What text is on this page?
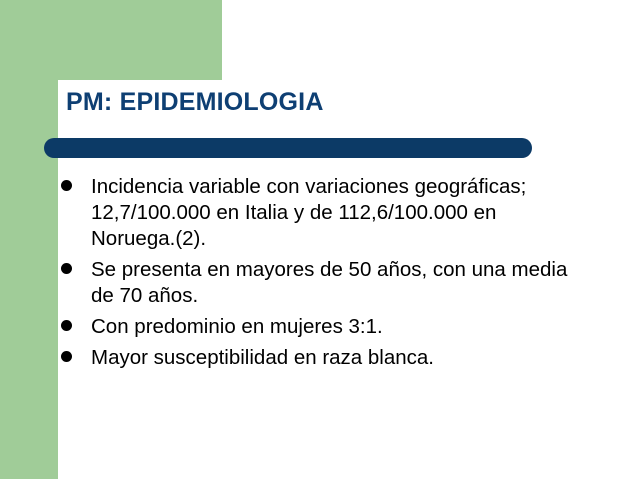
PM: EPIDEMIOLOGIA
Incidencia variable con variaciones geográficas; 12,7/100.000 en Italia y de 112,6/100.000 en Noruega.(2).
Se presenta en mayores de 50 años, con una media de 70 años.
Con predominio en mujeres 3:1.
Mayor susceptibilidad en raza blanca.
